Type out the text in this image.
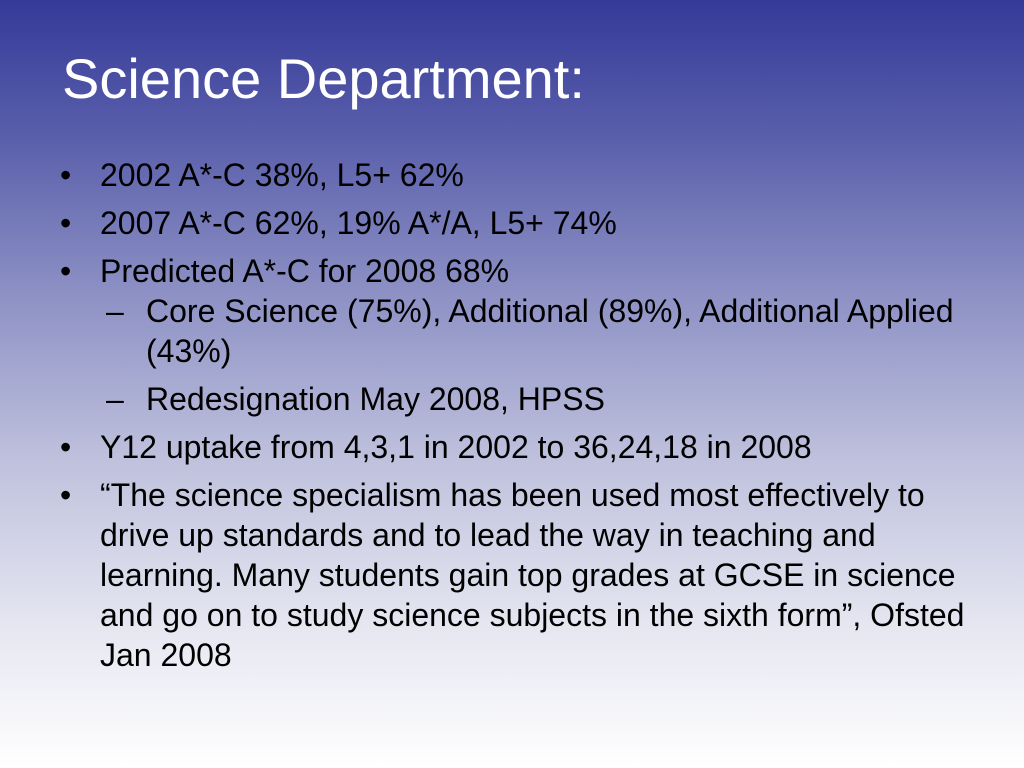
Science Department:
• 2002 A*-C 38%, L5+ 62%
• 2007 A*-C 62%, 19% A*/A, L5+ 74%
• Predicted A*-C for 2008 68%
– Core Science (75%), Additional (89%), Additional Applied (43%)
– Redesignation May 2008, HPSS
• Y12 uptake from 4,3,1 in 2002 to 36,24,18 in 2008
• “The science specialism has been used most effectively to drive up standards and to lead the way in teaching and learning. Many students gain top grades at GCSE in science and go on to study science subjects in the sixth form”, Ofsted Jan 2008
